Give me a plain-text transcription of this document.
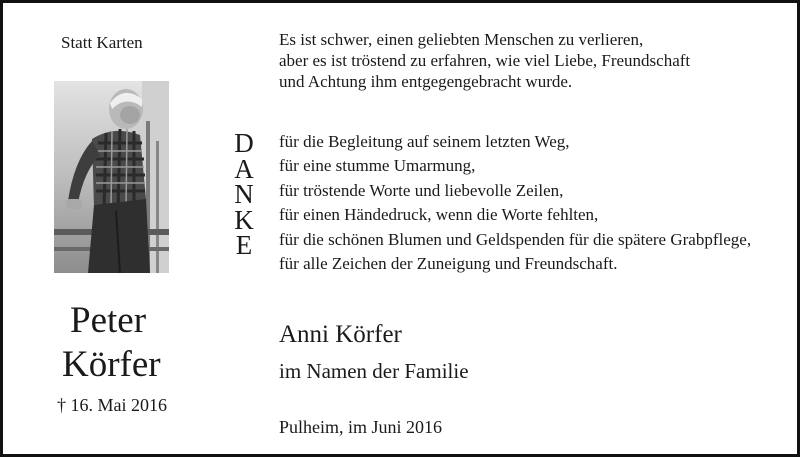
Statt Karten
Peter
Körfer
† 16. Mai 2016
Es ist schwer, einen geliebten Menschen zu verlieren,
aber es ist tröstend zu erfahren, wie viel Liebe, Freundschaft
und Achtung ihm entgegengebracht wurde.
D
A
N
K
E
für die Begleitung auf seinem letzten Weg,
für eine stumme Umarmung,
für tröstende Worte und liebevolle Zeilen,
für einen Händedruck, wenn die Worte fehlten,
für die schönen Blumen und Geldspenden für die spätere Grabpflege,
für alle Zeichen der Zuneigung und Freundschaft.
Anni Körfer
im Namen der Familie
Pulheim, im Juni 2016
